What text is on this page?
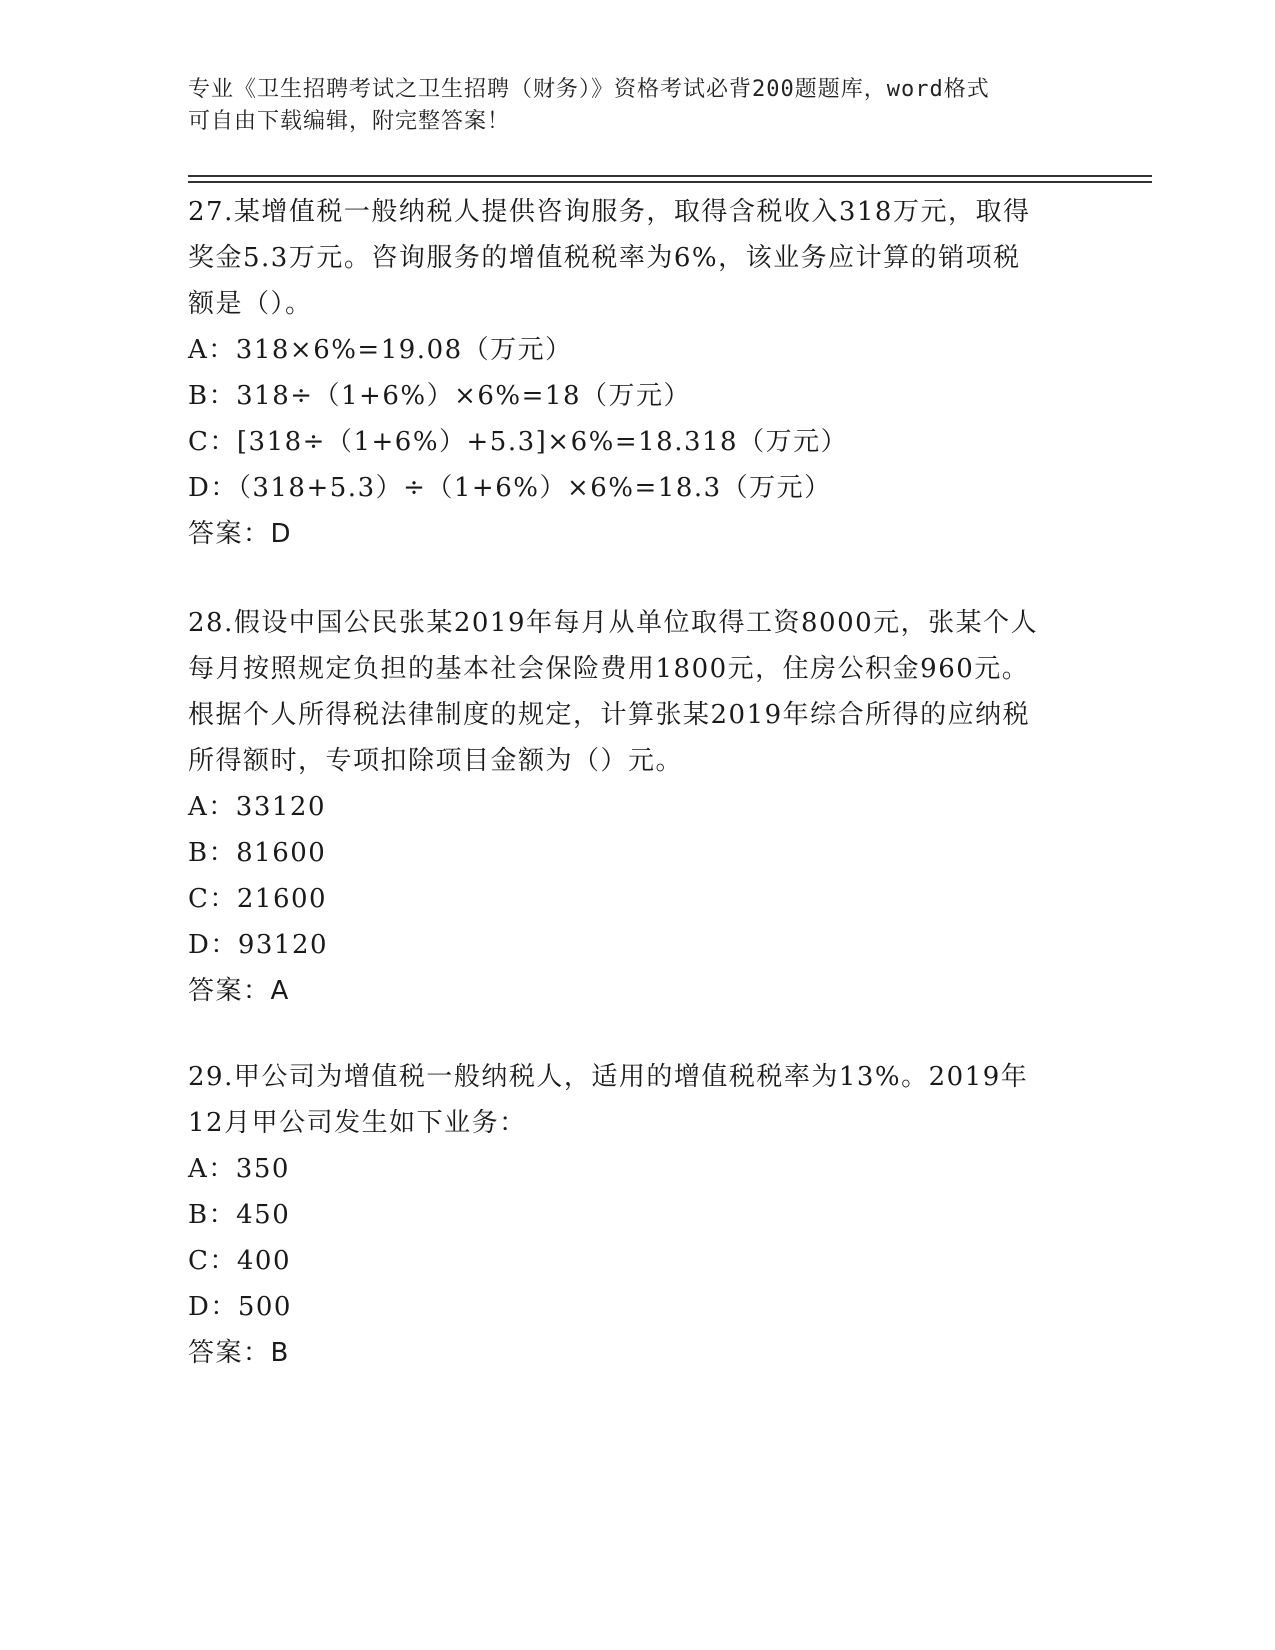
专业《卫生招聘考试之卫生招聘（财务）》资格考试必背200题题库，word格式
可自由下载编辑，附完整答案！
27.某增值税一般纳税人提供咨询服务，取得含税收入318万元，取得
奖金5.3万元。咨询服务的增值税税率为6%，该业务应计算的销项税
额是（）。
A：318×6%=19.08（万元）
B：318÷（1+6%）×6%=18（万元）
C：[318÷（1+6%）+5.3]×6%=18.318（万元）
D：（318+5.3）÷（1+6%）×6%=18.3（万元）
答案：D
28.假设中国公民张某2019年每月从单位取得工资8000元，张某个人
每月按照规定负担的基本社会保险费用1800元，住房公积金960元。
根据个人所得税法律制度的规定，计算张某2019年综合所得的应纳税
所得额时，专项扣除项目金额为（）元。
A：33120
B：81600
C：21600
D：93120
答案：A
29.甲公司为增值税一般纳税人，适用的增值税税率为13%。2019年
12月甲公司发生如下业务：
A：350
B：450
C：400
D：500
答案：B
